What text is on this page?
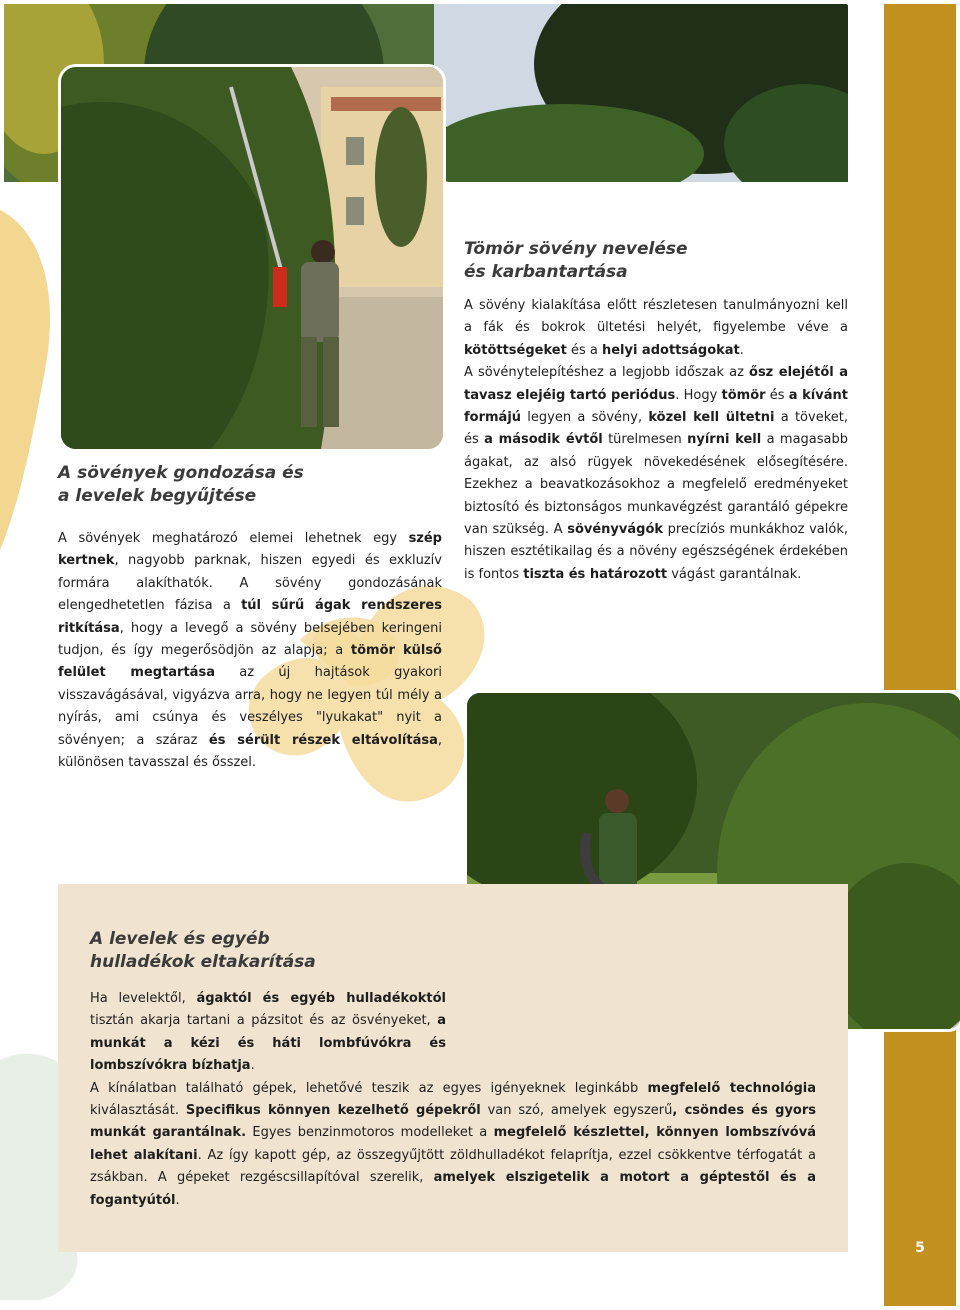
5
A sövények gondozása és
a levelek begyűjtése

A sövények meghatározó elemei lehetnek egy szép kertnek, nagyobb parknak, hiszen egyedi és exkluzív formára alakíthatók. A sövény gondozásának elengedhetetlen fázisa a túl sűrű ágak rendszeres ritkítása, hogy a levegő a sövény belsejében keringeni tudjon, és így megerősödjön az alapja; a tömör külső felület megtartása az új hajtások gyakori visszavágásával, vigyázva arra, hogy ne legyen túl mély a nyírás, ami csúnya és veszélyes "lyukakat" nyit a sövényen; a száraz és sérült részek eltávolítása, különösen tavasszal és ősszel.

Tömör sövény nevelése
és karbantartása

A sövény kialakítása előtt részletesen tanulmányozni kell a fák és bokrok ültetési helyét, figyelembe véve a kötöttségeket és a helyi adottságokat.

A sövénytelepítéshez a legjobb időszak az ősz elejétől a tavasz elejéig tartó periódus. Hogy tömör és a kívánt formájú legyen a sövény, közel kell ültetni a töveket, és a második évtől türelmesen nyírni kell a magasabb ágakat, az alsó rügyek növekedésének elősegítésére. Ezekhez a beavatkozásokhoz a megfelelő eredményeket biztosító és biztonságos munkavégzést garantáló gépekre van szükség. A sövényvágók precíziós munkákhoz valók, hiszen esztétikailag és a növény egészségének érdekében is fontos tiszta és határozott vágást garantálnak.

A levelek és egyéb
hulladékok eltakarítása

Ha levelektől, ágaktól és egyéb hulladékoktól tisztán akarja tartani a pázsitot és az ösvényeket, a munkát a kézi és háti lombfúvókra és lombszívókra bízhatja.

A kínálatban található gépek, lehetővé teszik az egyes igényeknek leginkább megfelelő technológia kiválasztását. Specifikus könnyen kezelhető gépekről van szó, amelyek egyszerű, csöndes és gyors munkát garantálnak. Egyes benzinmotoros modelleket a megfelelő készlettel, könnyen lombszívóvá lehet alakítani. Az így kapott gép, az összegyűjtött zöldhulladékot felaprítja, ezzel csökkentve térfogatát a zsákban. A gépeket rezgéscsillapítóval szerelik, amelyek elszigetelik a motort a géptestől és a fogantyútól.
